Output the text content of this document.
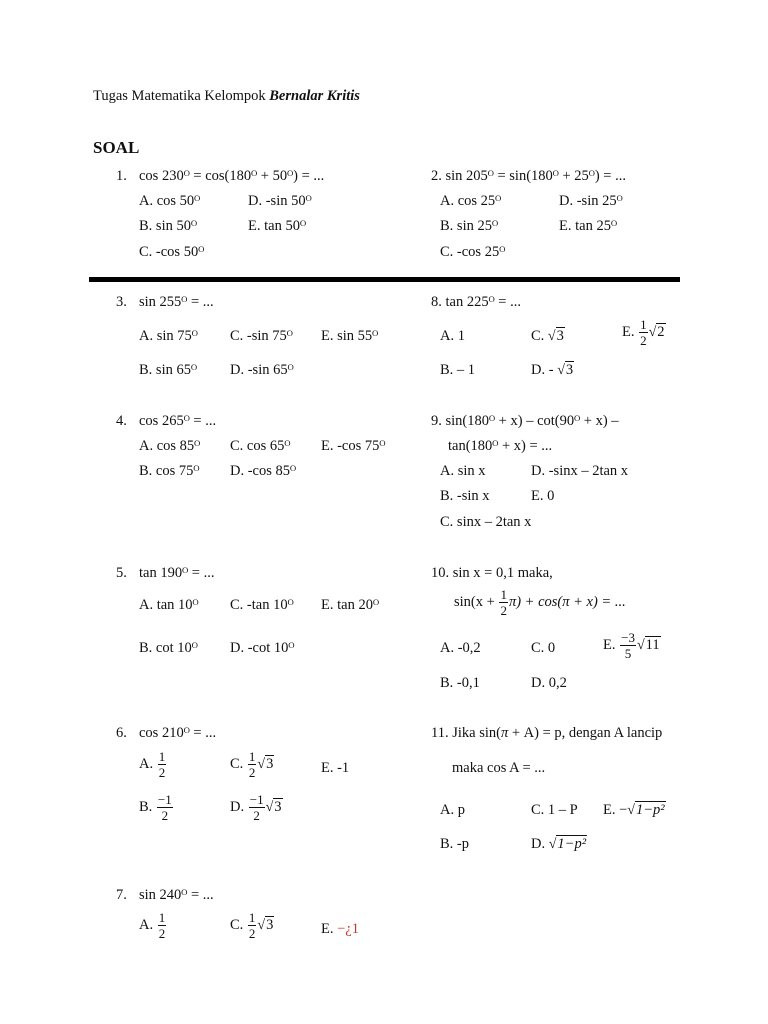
Tugas Matematika Kelompok Bernalar Kritis
SOAL
1. cos 230ᴼ = cos(180ᴼ + 50ᴼ) = ...
A. cos 50ᴼ	D. -sin 50ᴼ
B. sin 50ᴼ	E. tan 50ᴼ
C. -cos 50ᴼ
2. sin 205ᴼ = sin(180ᴼ + 25ᴼ) = ...
A. cos 25ᴼ	D. -sin 25ᴼ
B. sin 25ᴼ	E. tan 25ᴼ
C. -cos 25ᴼ
3. sin 255ᴼ = ...
A. sin 75ᴼ C. -sin 75ᴼ E. sin 55ᴼ
B. sin 65ᴼ D. -sin 65ᴼ
8. tan 225ᴼ = ...
A. 1	C. √3	E. $\frac{1}{2} √2$
B. – 1	D. - √3
4. cos 265ᴼ = ...
A. cos 85ᴼ C. cos 65ᴼ E. -cos 75ᴼ
B. cos 75ᴼ D. -cos 85ᴼ
9. sin(180ᴼ + x) – cot(90ᴼ + x) –
tan(180ᴼ + x) = ...
A. sin x	D. -sinx – 2tan x
B. -sin x	E. 0
C. sinx – 2tan x
5. tan 190ᴼ = ...
A. tan 10ᴼ C. -tan 10ᴼ E. tan 20ᴼ
B. cot 10ᴼ D. -cot 10ᴼ
10. sin x = 0,1 maka,
$\sin(x + \frac{1}{2} \pi) + \cos(\pi + x)$ = ...
A. -0,2	C. 0	E. $\frac{-3}{5} √11$
B. -0,1	D. 0,2
6. cos 210ᴼ = ...
A. $\frac{1}{2}$	C. $\frac{1}{2} √3$	E. -1
B. $\frac{-1}{2}$	D. $\frac{-1}{2} √3$
11. Jika sin(π + A) = p, dengan A lancip
maka cos A = ...
A. p	C. 1 – P E. −√1−p²
B. -p	D. √1−p²
7. sin 240ᴼ = ...
A. $\frac{1}{2}$	C. $\frac{1}{2} √3$	E. −¿1
